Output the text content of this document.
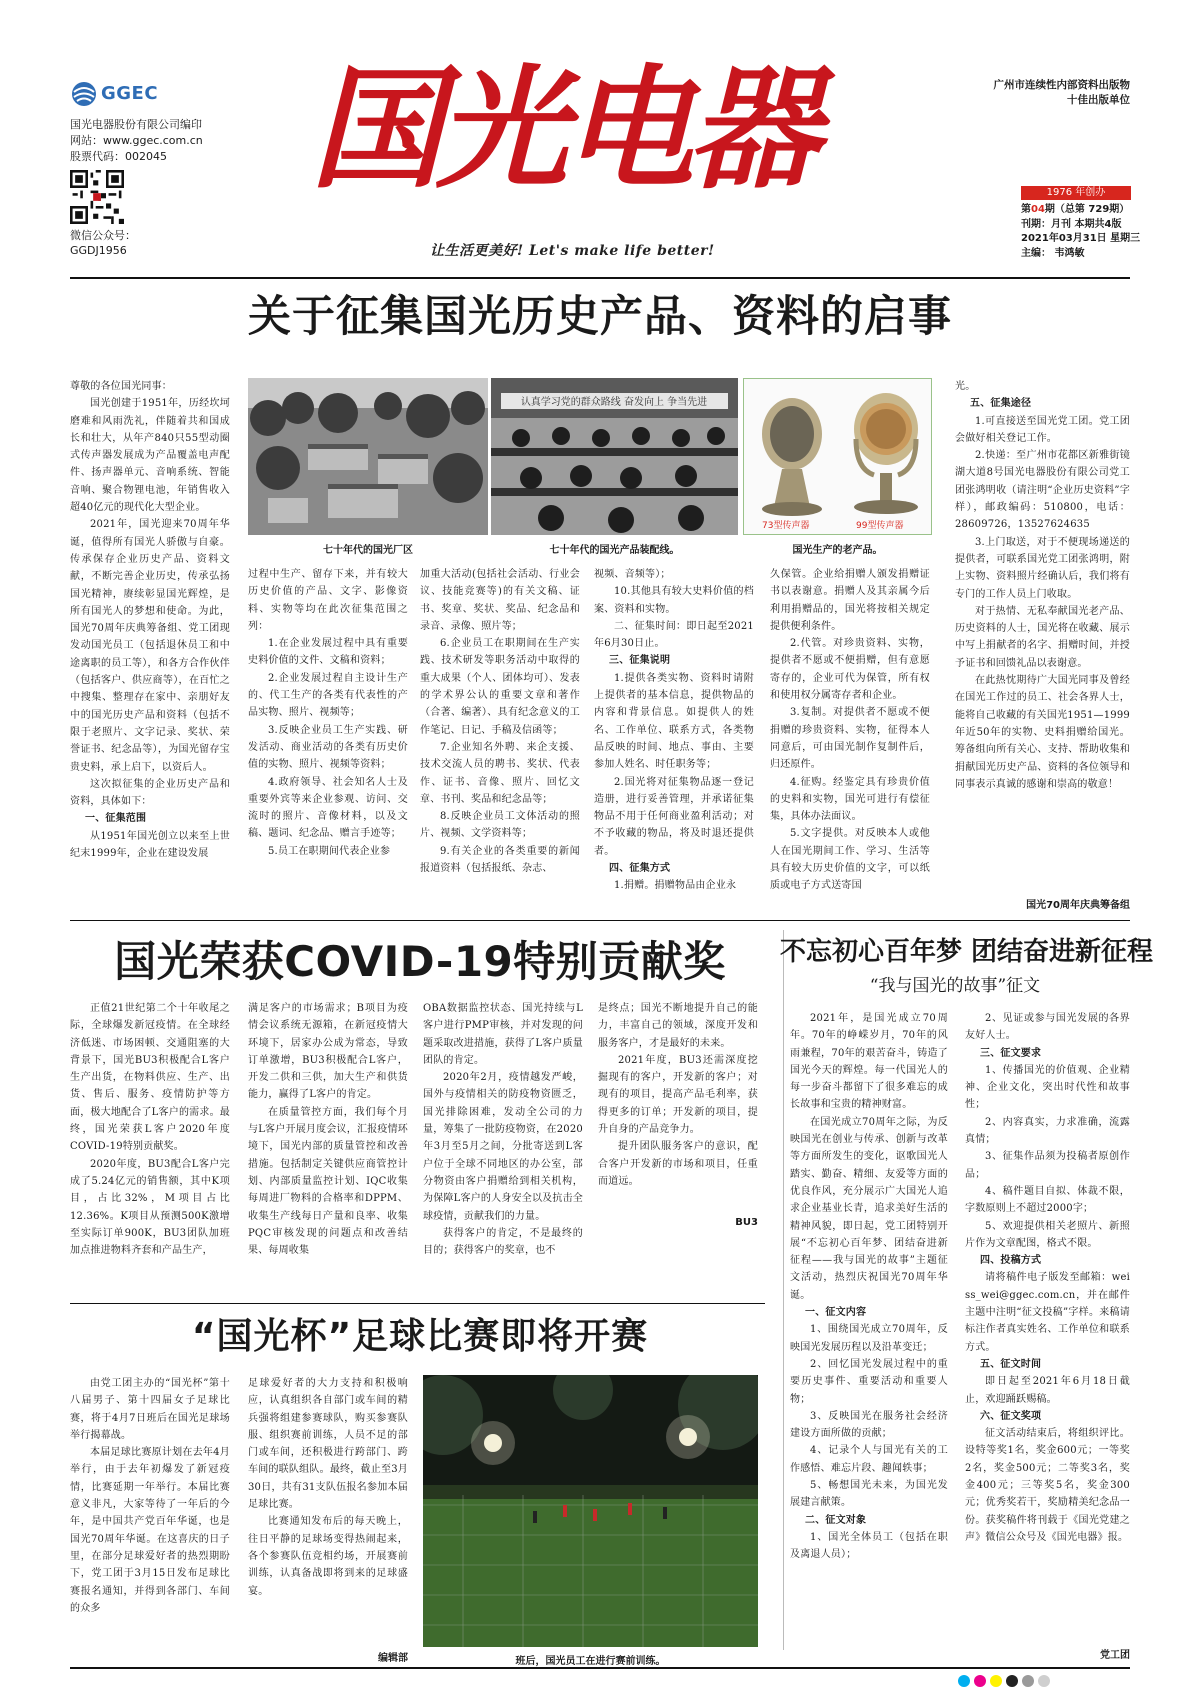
GGEC
国光电器股份有限公司编印
网站：www.ggec.com.cn
股票代码：002045
微信公众号：
GGDJ1956
国光电器
让生活更美好! Let's make life better!
广州市连续性内部资料出版物
十佳出版单位
1976 年创办
第04期（总第 729期）
刊期：月刊 本期共4版
2021年03月31日 星期三
主编： 韦鸿敏
关于征集国光历史产品、资料的启事
七十年代的国光厂区
认真学习党的群众路线 奋发向上 争当先进
七十年代的国光产品装配线。
73型传声器	99型传声器
国光生产的老产品。

尊敬的各位国光同事：

国光创建于1951年，历经坎坷磨难和风雨洗礼，伴随着共和国成长和壮大，从年产840只55型动圈式传声器发展成为产品覆盖电声配件、扬声器单元、音响系统、智能音响、聚合物锂电池，年销售收入超40亿元的现代化大型企业。

2021年，国光迎来70周年华诞，值得所有国光人骄傲与自豪。传承保存企业历史产品、资料文献，不断完善企业历史，传承弘扬国光精神，赓续彰显国光辉煌，是所有国光人的梦想和使命。为此，国光70周年庆典筹备组、党工团现发动国光员工（包括退休员工和中途离职的员工等），和各方合作伙伴（包括客户、供应商等），在百忙之中搜集、整理存在家中、亲朋好友中的国光历史产品和资料（包括不限于老照片、文字记录、奖状、荣誉证书、纪念品等），为国光留存宝贵史料，承上启下，以资后人。

这次拟征集的企业历史产品和资料，具体如下：

一、征集范围

从1951年国光创立以来至上世纪末1999年，企业在建设发展

过程中生产、留存下来，并有较大历史价值的产品、文字、影像资料、实物等均在此次征集范围之列：

1.在企业发展过程中具有重要史料价值的文件、文稿和资料；

2.企业发展过程自主设计生产的、代工生产的各类有代表性的产品实物、照片、视频等；

3.反映企业员工生产实践、研发活动、商业活动的各类有历史价值的实物、照片、视频等资料；

4.政府领导、社会知名人士及重要外宾等来企业参观、访问、交流时的照片、音像材料，以及文稿、题词、纪念品、赠言手迹等；

5.员工在职期间代表企业参

加重大活动(包括社会活动、行业会议、技能竞赛等)的有关文稿、证书、奖章、奖状、奖品、纪念品和录音、录像、照片等；

6.企业员工在职期间在生产实践、技术研发等职务活动中取得的重大成果（个人、团体均可）、发表的学术界公认的重要文章和著作（合著、编著）、具有纪念意义的工作笔记、日记、手稿及信函等；

7.企业知名外聘、来企支援、技术交流人员的聘书、奖状、代表作、证书、音像、照片、回忆文章、书刊、奖品和纪念品等；

8.反映企业员工文体活动的照片、视频、文学资料等；

9.有关企业的各类重要的新闻报道资料（包括报纸、杂志、

视频、音频等）；

10.其他具有较大史料价值的档案、资料和实物。

二、征集时间：即日起至2021年6月30日止。

三、征集说明

1.提供各类实物、资料时请附上提供者的基本信息，提供物品的内容和背景信息。如提供人的姓名、工作单位、联系方式，各类物品反映的时间、地点、事由、主要参加人姓名、时任职务等；

2.国光将对征集物品逐一登记造册，进行妥善管理，并承诺征集物品不用于任何商业盈利活动；对不予收藏的物品，将及时退还提供者。

四、征集方式

1.捐赠。捐赠物品由企业永

久保管。企业给捐赠人颁发捐赠证书以表谢意。捐赠人及其亲属今后利用捐赠品的，国光将按相关规定提供便利条件。

2.代管。对珍贵资料、实物，提供者不愿或不便捐赠，但有意愿寄存的，企业可代为保管，所有权和使用权分属寄存者和企业。

3.复制。对提供者不愿或不便捐赠的珍贵资料、实物，征得本人同意后，可由国光制作复制件后，归还原件。

4.征购。经鉴定具有珍贵价值的史料和实物，国光可进行有偿征集，具体办法面议。

5.文字提供。对反映本人或他人在国光期间工作、学习、生活等具有较大历史价值的文字，可以纸质或电子方式送寄国

光。

五、征集途径

1.可直接送至国光党工团。党工团会做好相关登记工作。

2.快递：至广州市花都区新雅街镜湖大道8号国光电器股份有限公司党工团张鸿明收（请注明“企业历史资料”字样），邮政编码：510800，电话：28609726，13527624635

3.上门取送，对于不便现场递送的提供者，可联系国光党工团张鸿明，附上实物、资料照片经确认后，我们将有专门的工作人员上门收取。

对于热情、无私奉献国光老产品、历史资料的人士，国光将在收藏、展示中写上捐献者的名字、捐赠时间，并授予证书和回馈礼品以表谢意。

在此热忱期待广大国光同事及曾经在国光工作过的员工、社会各界人士，能将自己收藏的有关国光1951—1999年近50年的实物、史料捐赠给国光。筹备组向所有关心、支持、帮助收集和捐献国光历史产品、资料的各位领导和同事表示真诚的感谢和崇高的敬意！

国光70周年庆典筹备组
国光荣获COVID-19特别贡献奖

正值21世纪第二个十年收尾之际，全球爆发新冠疫情。在全球经济低迷、市场困顿、交通阻塞的大背景下，国光BU3积极配合L客户生产出货，在物料供应、生产、出货、售后、服务、疫情防护等方面，极大地配合了L客户的需求。最终，国光荣获L客户2020年度COVID-19特别贡献奖。

2020年度，BU3配合L客户完成了5.24亿元的销售额，其中K项目，占比32%，M项目占比12.36%。K项目从预测500K激增至实际订单900K，BU3团队加班加点推进物料齐套和产品生产，

满足客户的市场需求；B项目为疫情会议系统无源箱，在新冠疫情大环境下，居家办公成为常态，导致订单激增，BU3积极配合L客户，开发二供和三供，加大生产和供货能力，赢得了L客户的肯定。

在质量管控方面，我们每个月与L客户开展月度会议，汇报疫情环境下，国光内部的质量管控和改善措施。包括制定关键供应商管控计划、内部质量监控计划、IQC收集每周进厂物料的合格率和DPPM、收集生产线每日产量和良率、收集PQC审核发现的问题点和改善结果、每周收集

OBA数据监控状态、国光持续与L客户进行PMP审核，并对发现的问题采取改进措施，获得了L客户质量团队的肯定。

2020年2月，疫情越发严峻，国外与疫情相关的防疫物资匮乏，国光排除困难，发动全公司的力量，筹集了一批防疫物资，在2020年3月至5月之间，分批寄送到L客户位于全球不同地区的办公室，部分物资由客户捐赠给到相关机构，为保障L客户的人身安全以及抗击全球疫情，贡献我们的力量。

获得客户的肯定，不是最终的目的；获得客户的奖章，也不

是终点；国光不断地提升自己的能力，丰富自己的领域，深度开发和服务客户，才是最好的未来。

2021年度，BU3还需深度挖掘现有的客户，开发新的客户；对现有的项目，提高产品毛利率，获得更多的订单；开发新的项目，提升自身的产品竞争力。

提升团队服务客户的意识，配合客户开发新的市场和项目，任重而道远。

BU3
“国光杯”足球比赛即将开赛

由党工团主办的“国光杯”第十八届男子、第十四届女子足球比赛，将于4月7日班后在国光足球场举行揭幕战。

本届足球比赛原计划在去年4月举行，由于去年初爆发了新冠疫情，比赛延期一年举行。本届比赛意义非凡，大家等待了一年后的今年，是中国共产党百年华诞，也是国光70周年华诞。在这喜庆的日子里，在部分足球爱好者的热烈期盼下，党工团于3月15日发布足球比赛报名通知，并得到各部门、车间的众多

足球爱好者的大力支持和积极响应，认真组织各自部门或车间的精兵强将组建参赛球队，购买参赛队服、组织赛前训练，人员不足的部门或车间，还积极进行跨部门、跨车间的联队组队。最终，截止至3月30日，共有31支队伍报名参加本届足球比赛。

比赛通知发布后的每天晚上，往日平静的足球场变得热闹起来，各个参赛队伍竞相约场，开展赛前训练，认真备战即将到来的足球盛宴。

编辑部	班后，国光员工在进行赛前训练。
不忘初心百年梦 团结奋进新征程
“我与国光的故事”征文

2021年，是国光成立70周年。70年的峥嵘岁月，70年的风雨兼程，70年的艰苦奋斗，铸造了国光今天的辉煌。每一代国光人的每一步奋斗都留下了很多难忘的成长故事和宝贵的精神财富。

在国光成立70周年之际，为反映国光在创业与传承、创新与改革等方面所发生的变化，讴歌国光人踏实、勤奋、精细、友爱等方面的优良作风，充分展示广大国光人追求企业基业长青，追求美好生活的精神风貌，即日起，党工团特别开展“不忘初心百年梦、团结奋进新征程——我与国光的故事”主题征文活动，热烈庆祝国光70周年华诞。

一、征文内容

1、围绕国光成立70周年，反映国光发展历程以及沿革变迁；

2、回忆国光发展过程中的重要历史事件、重要活动和重要人物；

3、反映国光在服务社会经济建设方面所做的贡献；

4、记录个人与国光有关的工作感悟、难忘片段、趣闻轶事；

5、畅想国光未来，为国光发展建言献策。

二、征文对象

1、国光全体员工（包括在职及离退人员）；

2、见证或参与国光发展的各界友好人士。

三、征文要求

1、传播国光的价值观、企业精神、企业文化，突出时代性和故事性；

2、内容真实，力求准确，流露真情；

3、征集作品须为投稿者原创作品；

4、稿件题目自拟、体裁不限，字数原则上不超过2000字；

5、欢迎提供相关老照片、新照片作为文章配图，格式不限。

四、投稿方式

请将稿件电子版发至邮箱：weiss_wei@ggec.com.cn，并在邮件主题中注明“征文投稿”字样。来稿请标注作者真实姓名、工作单位和联系方式。

五、征文时间

即日起至2021年6月18日截止，欢迎踊跃赐稿。

六、征文奖项

征文活动结束后，将组织评比。设特等奖1名，奖金600元；一等奖2名，奖金500元；二等奖3名，奖金400元；三等奖5名，奖金300元；优秀奖若干，奖励精美纪念品一份。获奖稿件将刊载于《国光党建之声》微信公众号及《国光电器》报。

党工团
